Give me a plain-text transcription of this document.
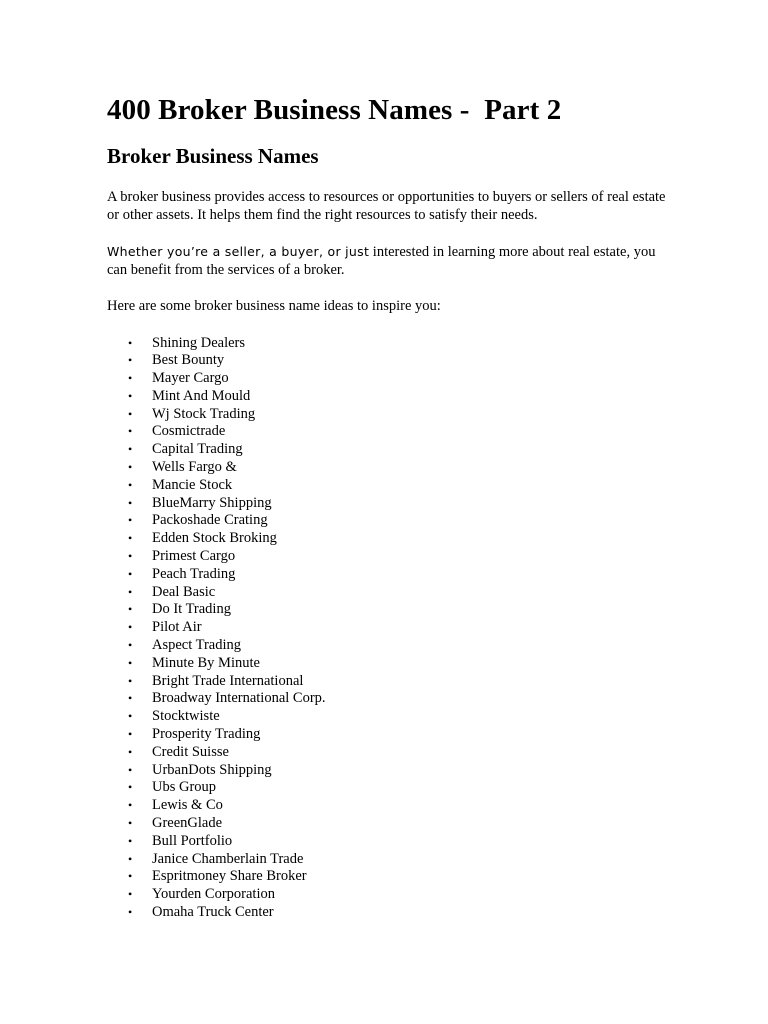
400 Broker Business Names -  Part 2
Broker Business Names

A broker business provides access to resources or opportunities to buyers or sellers of real estate or other assets. It helps them find the right resources to satisfy their needs.

Whether you’re a seller, a buyer, or just interested in learning more about real estate, you can benefit from the services of a broker.

Here are some broker business name ideas to inspire you:

• Shining Dealers
• Best Bounty
• Mayer Cargo
• Mint And Mould
• Wj Stock Trading
• Cosmictrade
• Capital Trading
• Wells Fargo &
• Mancie Stock
• BlueMarry Shipping
• Packoshade Crating
• Edden Stock Broking
• Primest Cargo
• Peach Trading
• Deal Basic
• Do It Trading
• Pilot Air
• Aspect Trading
• Minute By Minute
• Bright Trade International
• Broadway International Corp.
• Stocktwiste
• Prosperity Trading
• Credit Suisse
• UrbanDots Shipping
• Ubs Group
• Lewis & Co
• GreenGlade
• Bull Portfolio
• Janice Chamberlain Trade
• Espritmoney Share Broker
• Yourden Corporation
• Omaha Truck Center
